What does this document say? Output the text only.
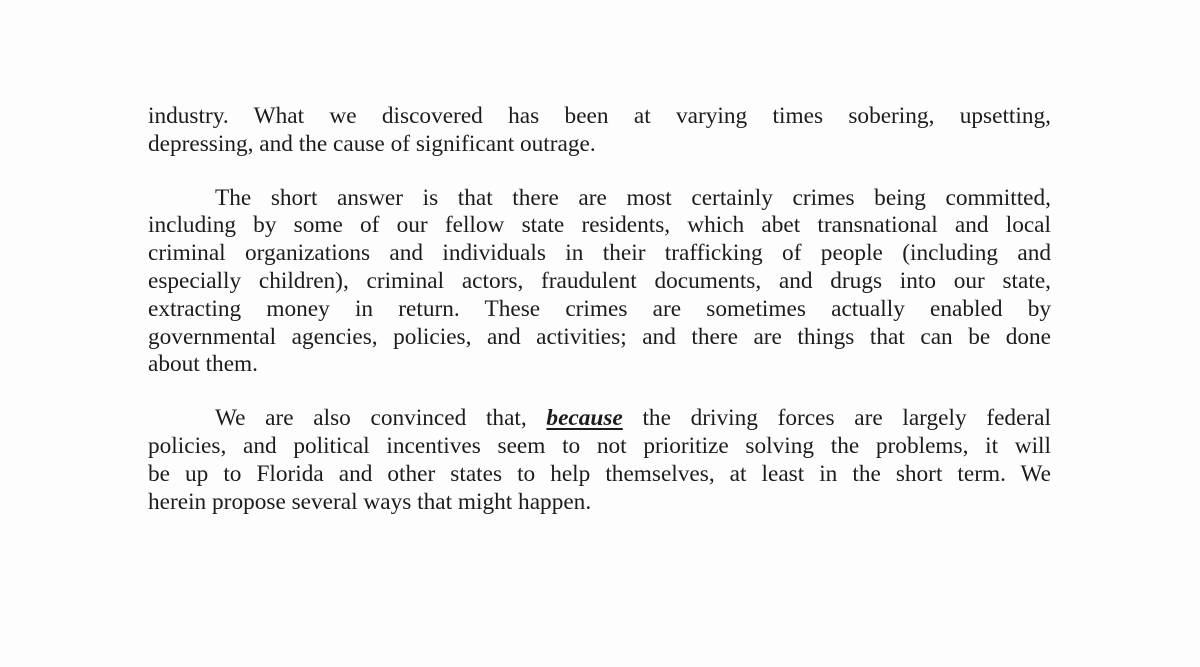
industry. What we discovered has been at varying times sobering, upsetting,
depressing, and the cause of significant outrage.
The short answer is that there are most certainly crimes being committed,
including by some of our fellow state residents, which abet transnational and local
criminal organizations and individuals in their trafficking of people (including and
especially children), criminal actors, fraudulent documents, and drugs into our state,
extracting money in return. These crimes are sometimes actually enabled by
governmental agencies, policies, and activities; and there are things that can be done
about them.
We are also convinced that, because the driving forces are largely federal
policies, and political incentives seem to not prioritize solving the problems, it will
be up to Florida and other states to help themselves, at least in the short term. We
herein propose several ways that might happen.
